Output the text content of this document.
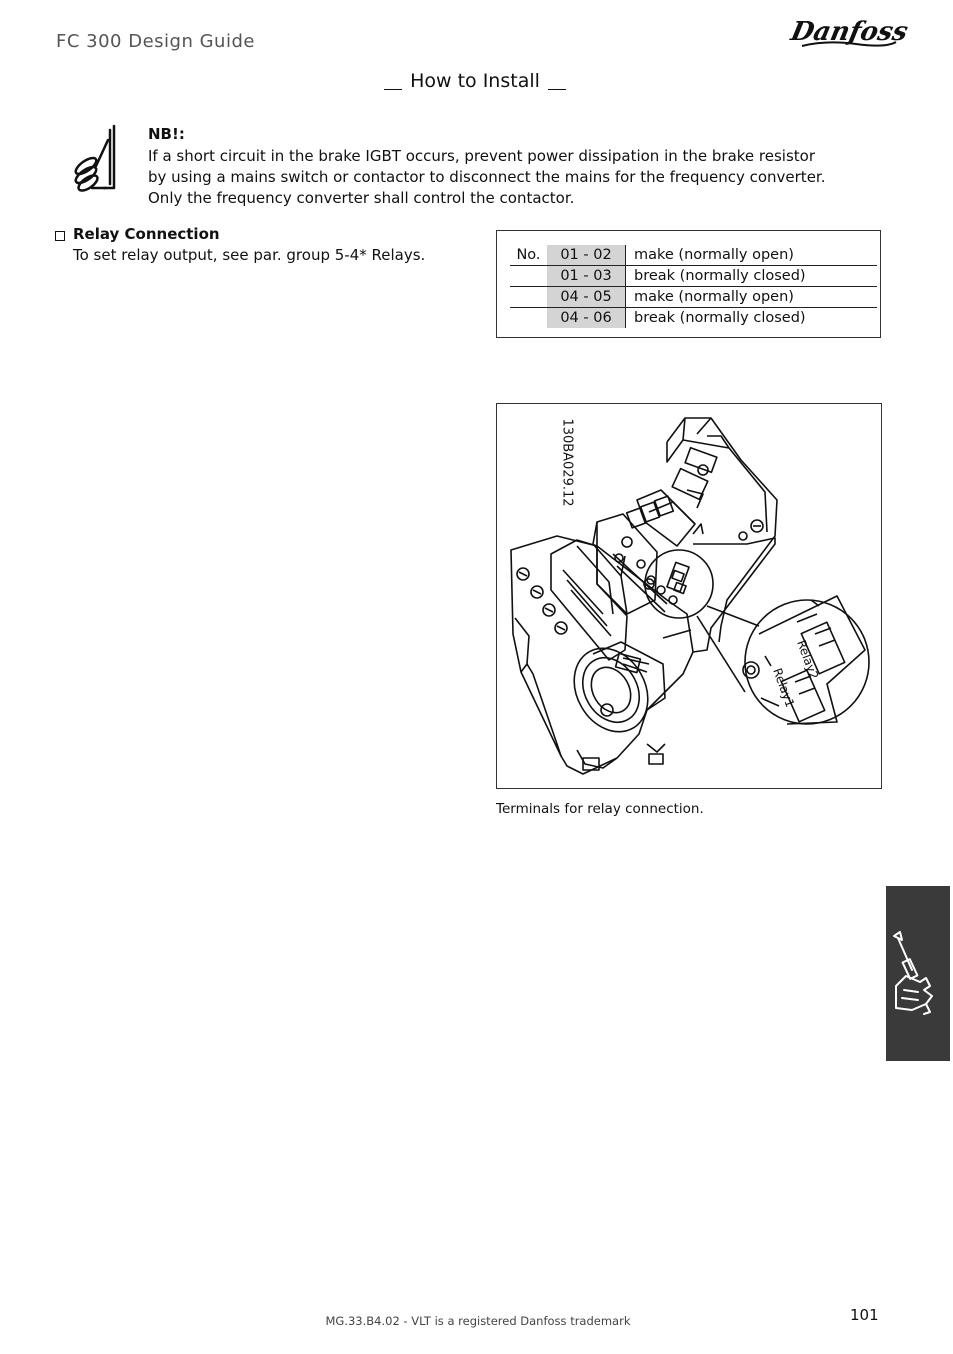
FC 300 Design Guide	Danfoss
How to Install
NB!:
If a short circuit in the brake IGBT occurs, prevent power dissipation in the brake resistor
by using a mains switch or contactor to disconnect the mains for the frequency converter.
Only the frequency converter shall control the contactor.
Relay Connection
To set relay output, see par. group 5-4* Relays.	No.	01 - 02	make (normally open)
	01 - 03	break (normally closed)
	04 - 05	make (normally open)
	04 - 06	break (normally closed)
Relay2
Relay1
130BA029.12
Terminals for relay connection.
MG.33.B4.02 - VLT is a registered Danfoss trademark	101
